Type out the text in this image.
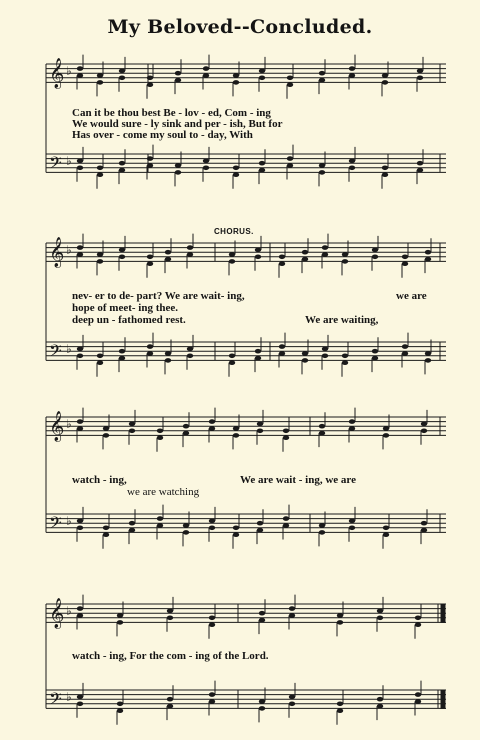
My Beloved--Concluded.
CHORUS.
𝄞 ♭
𝄢 ♭
𝄞 ♭
𝄢 ♭
𝄞 ♭
𝄢 ♭
𝄞 ♭
𝄢 ♭
Can it be thou best Be - lov - ed, Com - ing
We would sure - ly sink and per - ish, But for
Has over - come my soul to - day, With
nev- er to de- part? We are wait- ing,	we are
hope of meet- ing thee.
deep un - fathomed rest.	We are waiting,
watch - ing,	We are wait - ing, we are
we are watching
watch - ing, For the com - ing of the Lord.
